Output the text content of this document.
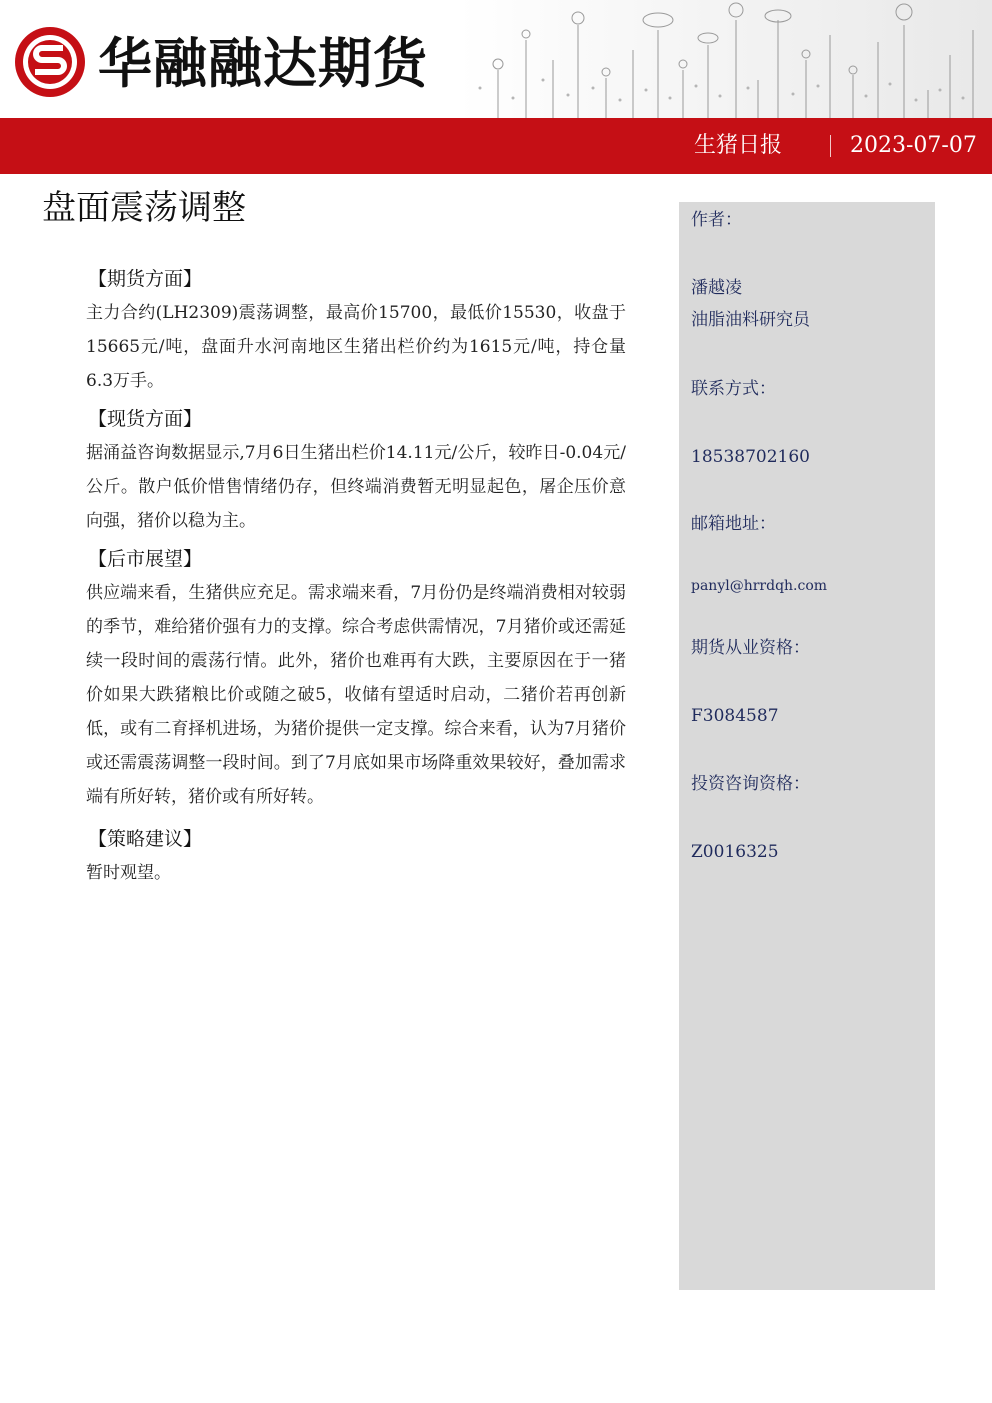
华融融达期货
生猪日报	2023-07-07
盘面震荡调整
【期货方面】

主力合约(LH2309)震荡调整，最高价15700，最低价15530，收盘于15665元/吨，盘面升水河南地区生猪出栏价约为1615元/吨，持仓量6.3万手。

【现货方面】

据涌益咨询数据显示,7月6日生猪出栏价14.11元/公斤，较昨日-0.04元/公斤。散户低价惜售情绪仍存，但终端消费暂无明显起色，屠企压价意向强，猪价以稳为主。

【后市展望】

供应端来看，生猪供应充足。需求端来看，7月份仍是终端消费相对较弱的季节，难给猪价强有力的支撑。综合考虑供需情况，7月猪价或还需延续一段时间的震荡行情。此外，猪价也难再有大跌，主要原因在于一猪价如果大跌猪粮比价或随之破5，收储有望适时启动，二猪价若再创新低，或有二育择机进场，为猪价提供一定支撑。综合来看，认为7月猪价或还需震荡调整一段时间。到了7月底如果市场降重效果较好，叠加需求端有所好转，猪价或有所好转。

【策略建议】

暂时观望。

作者：
潘越凌
油脂油料研究员
联系方式：
18538702160
邮箱地址：
panyl@hrrdqh.com
期货从业资格：
F3084587
投资咨询资格：
Z0016325
